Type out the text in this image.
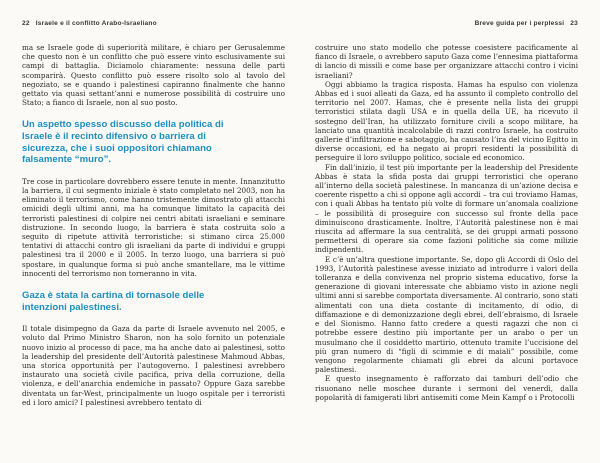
22 Israele e il conflitto Arabo-Israeliano

ma se Israele gode di superiorità militare, è chiaro per Gerusalemme che questo non è un conflitto che può essere vinto esclusivamente sui campi di battaglia. Diciamolo chiaramente: nessuna delle parti scomparirà. Questo conflitto può essere risolto solo al tavolo del negoziato, se e quando i palestinesi capiranno finalmente che hanno gettato via quasi settant’anni e numerose possibilità di costruire uno Stato; a fianco di Israele, non al suo posto.

Un aspetto spesso discusso della politica di Israele è il recinto difensivo o barriera di sicurezza, che i suoi oppositori chiamano falsamente “muro”.

Tre cose in particolare dovrebbero essere tenute in mente. Innanzitutto la barriera, il cui segmento iniziale è stato completato nel 2003, non ha eliminato il terrorismo, come hanno tristemente dimostrato gli attacchi omicidi degli ultimi anni, ma ha comunque limitato la capacità dei terroristi palestinesi di colpire nei centri abitati israeliani e seminare distruzione. In secondo luogo, la barriera è stata costruita solo a seguito di ripetute attività terroristiche: si stimano circa 25.000 tentativi di attacchi contro gli israeliani da parte di individui e gruppi palestinesi tra il 2000 e il 2005. In terzo luogo, una barriera si può spostare, in qualunque forma si può anche smantellare, ma le vittime innocenti del terrorismo non torneranno in vita.

Gaza è stata la cartina di tornasole delle intenzioni palestinesi.

Il totale disimpegno da Gaza da parte di Israele avvenuto nel 2005, e voluto dal Primo Ministro Sharon, non ha solo fornito un potenziale nuovo inizio al processo di pace, ma ha anche dato ai palestinesi, sotto la leadership del presidente dell’Autorità palestinese Mahmoud Abbas, una storica opportunità per l’autogoverno. I palestinesi avrebbero instaurato una società civile pacifica, priva della corruzione, della violenza, e dell’anarchia endemiche in passato? Oppure Gaza sarebbe diventata un far-West, principalmente un luogo ospitale per i terroristi ed i loro amici? I palestinesi avrebbero tentato di

Breve guida per i perplessi 23

costruire uno stato modello che potesse coesistere pacificamente al fianco di Israele, o avrebbero saputo Gaza come l’ennesima piattaforma di lancio di missili e come base per organizzare attacchi contro i vicini israeliani?

Oggi abbiamo la tragica risposta. Hamas ha espulso con violenza Abbas ed i suoi alleati da Gaza, ed ha assunto il completo controllo del territorio nel 2007. Hamas, che è presente nella lista dei gruppi terroristici stilata dagli USA e in quella della UE, ha ricevuto il sostegno dell’Iran, ha utilizzato forniture civili a scopo militare, ha lanciato una quantità incalcolabile di razzi contro Israele, ha costruito gallerie d’infiltrazione e sabotaggio, ha causato l’ira del vicino Egitto in diverse occasioni, ed ha negato ai propri residenti la possibilità di perseguire il loro sviluppo politico, sociale ed economico.

Fin dall’inizio, il test più importante per la leadership del Presidente Abbas è stata la sfida posta dai gruppi terroristici che operano all’interno della società palestinese. In mancanza di un’azione decisa e coerente rispetto a chi si oppone agli accordi – tra cui troviamo Hamas, con i quali Abbas ha tentato più volte di formare un’anomala coalizione – le possibilità di proseguire con successo sul fronte della pace diminuiscono drasticamente. Inoltre, l’Autorità palestinese non è mai riuscita ad affermare la sua centralità, se dei gruppi armati possono permettersi di operare sia come fazioni politiche sia come milizie indipendenti.

E c’è un’altra questione importante. Se, dopo gli Accordi di Oslo del 1993, l’Autorità palestinese avesse iniziato ad introdurre i valori della tolleranza e della convivenza nel proprio sistema educativo, forse la generazione di giovani interessate che abbiamo visto in azione negli ultimi anni si sarebbe comportata diversamente. Al contrario, sono stati alimentati con una dieta costante di incitamento, di odio, di diffamazione e di demonizzazione degli ebrei, dell’ebraismo, di Israele e del Sionismo. Hanno fatto credere a questi ragazzi che non ci potrebbe essere destino più importante per un arabo o per un musulmano che il cosiddetto martirio, ottenuto tramite l’uccisione del più gran numero di “figli di scimmie e di maiali” possibile, come vengono regolarmente chiamati gli ebrei da alcuni portavoce palestinesi.

E questo insegnamento è rafforzato dai tamburi dell’odio che risuonano nelle moschee durante i sermoni del venerdì, dalla popolarità di famigerati libri antisemiti come Mein Kampf o i Protocolli
